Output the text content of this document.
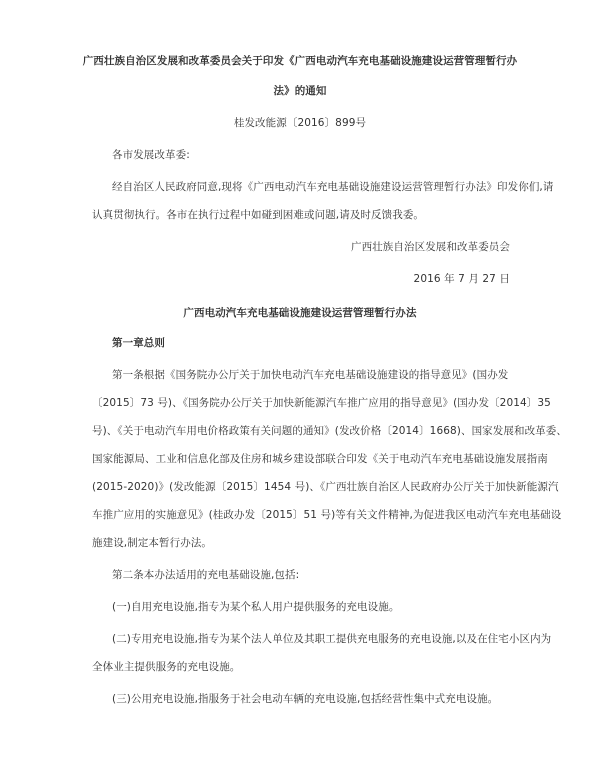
广西壮族自治区发展和改革委员会关于印发《广西电动汽车充电基础设施建设运营管理暂行办
法》的通知
桂发改能源〔2016〕899号
各市发展改革委:
经自治区人民政府同意,现将《广西电动汽车充电基础设施建设运营管理暂行办法》印发你们,请
认真贯彻执行。各市在执行过程中如碰到困难或问题,请及时反馈我委。
广西壮族自治区发展和改革委员会
2016 年 7 月 27 日
广西电动汽车充电基础设施建设运营管理暂行办法
第一章总则
第一条根据《国务院办公厅关于加快电动汽车充电基础设施建设的指导意见》(国办发
〔2015〕73 号)、《国务院办公厅关于加快新能源汽车推广应用的指导意见》(国办发〔2014〕35
号)、《关于电动汽车用电价格政策有关问题的通知》(发改价格〔2014〕1668)、国家发展和改革委、
国家能源局、工业和信息化部及住房和城乡建设部联合印发《关于电动汽车充电基础设施发展指南
(2015-2020)》(发改能源〔2015〕1454 号)、《广西壮族自治区人民政府办公厅关于加快新能源汽
车推广应用的实施意见》(桂政办发〔2015〕51 号)等有关文件精神,为促进我区电动汽车充电基础设
施建设,制定本暂行办法。
第二条本办法适用的充电基础设施,包括:
(一)自用充电设施,指专为某个私人用户提供服务的充电设施。
(二)专用充电设施,指专为某个法人单位及其职工提供充电服务的充电设施,以及在住宅小区内为
全体业主提供服务的充电设施。
(三)公用充电设施,指服务于社会电动车辆的充电设施,包括经营性集中式充电设施。
